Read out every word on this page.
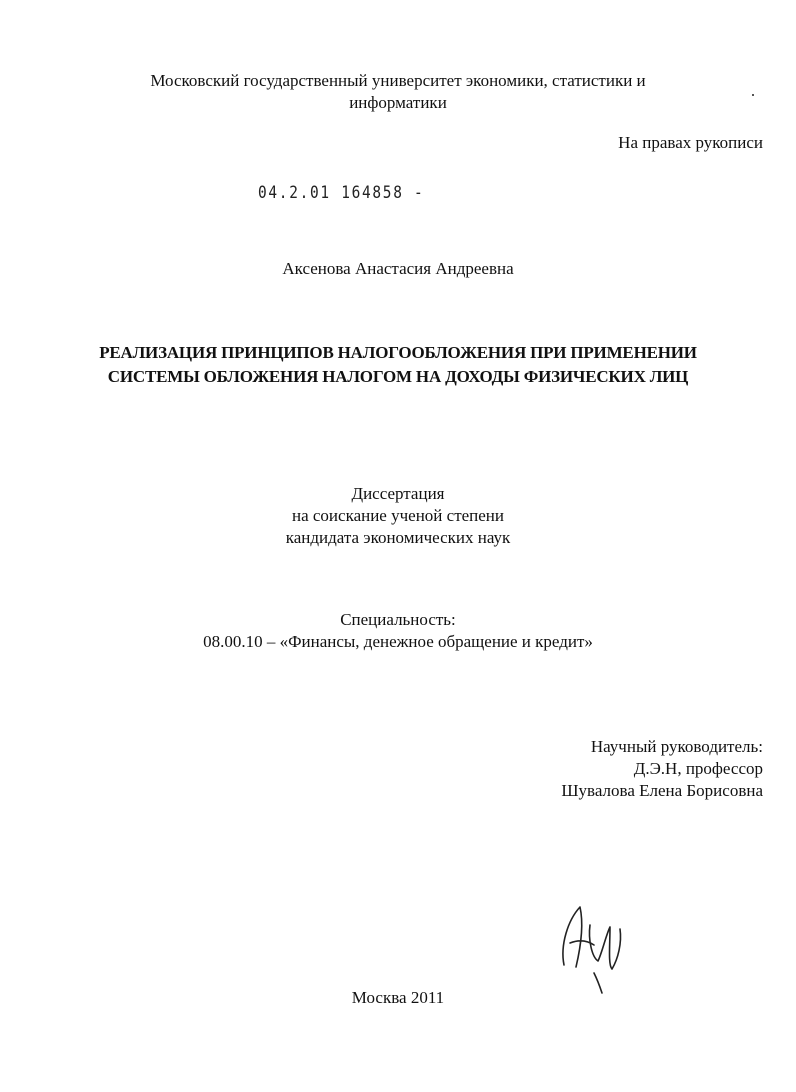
Московский государственный университет экономики, статистики и
информатики
На правах рукописи
04.2.01 164858 -
Аксенова Анастасия Андреевна
РЕАЛИЗАЦИЯ ПРИНЦИПОВ НАЛОГООБЛОЖЕНИЯ ПРИ ПРИМЕНЕНИИ
СИСТЕМЫ ОБЛОЖЕНИЯ НАЛОГОМ НА ДОХОДЫ ФИЗИЧЕСКИХ ЛИЦ
Диссертация
на соискание ученой степени
кандидата экономических наук
Специальность:
08.00.10 – «Финансы, денежное обращение и кредит»
Научный руководитель:
Д.Э.Н, профессор
Шувалова Елена Борисовна
Москва 2011
